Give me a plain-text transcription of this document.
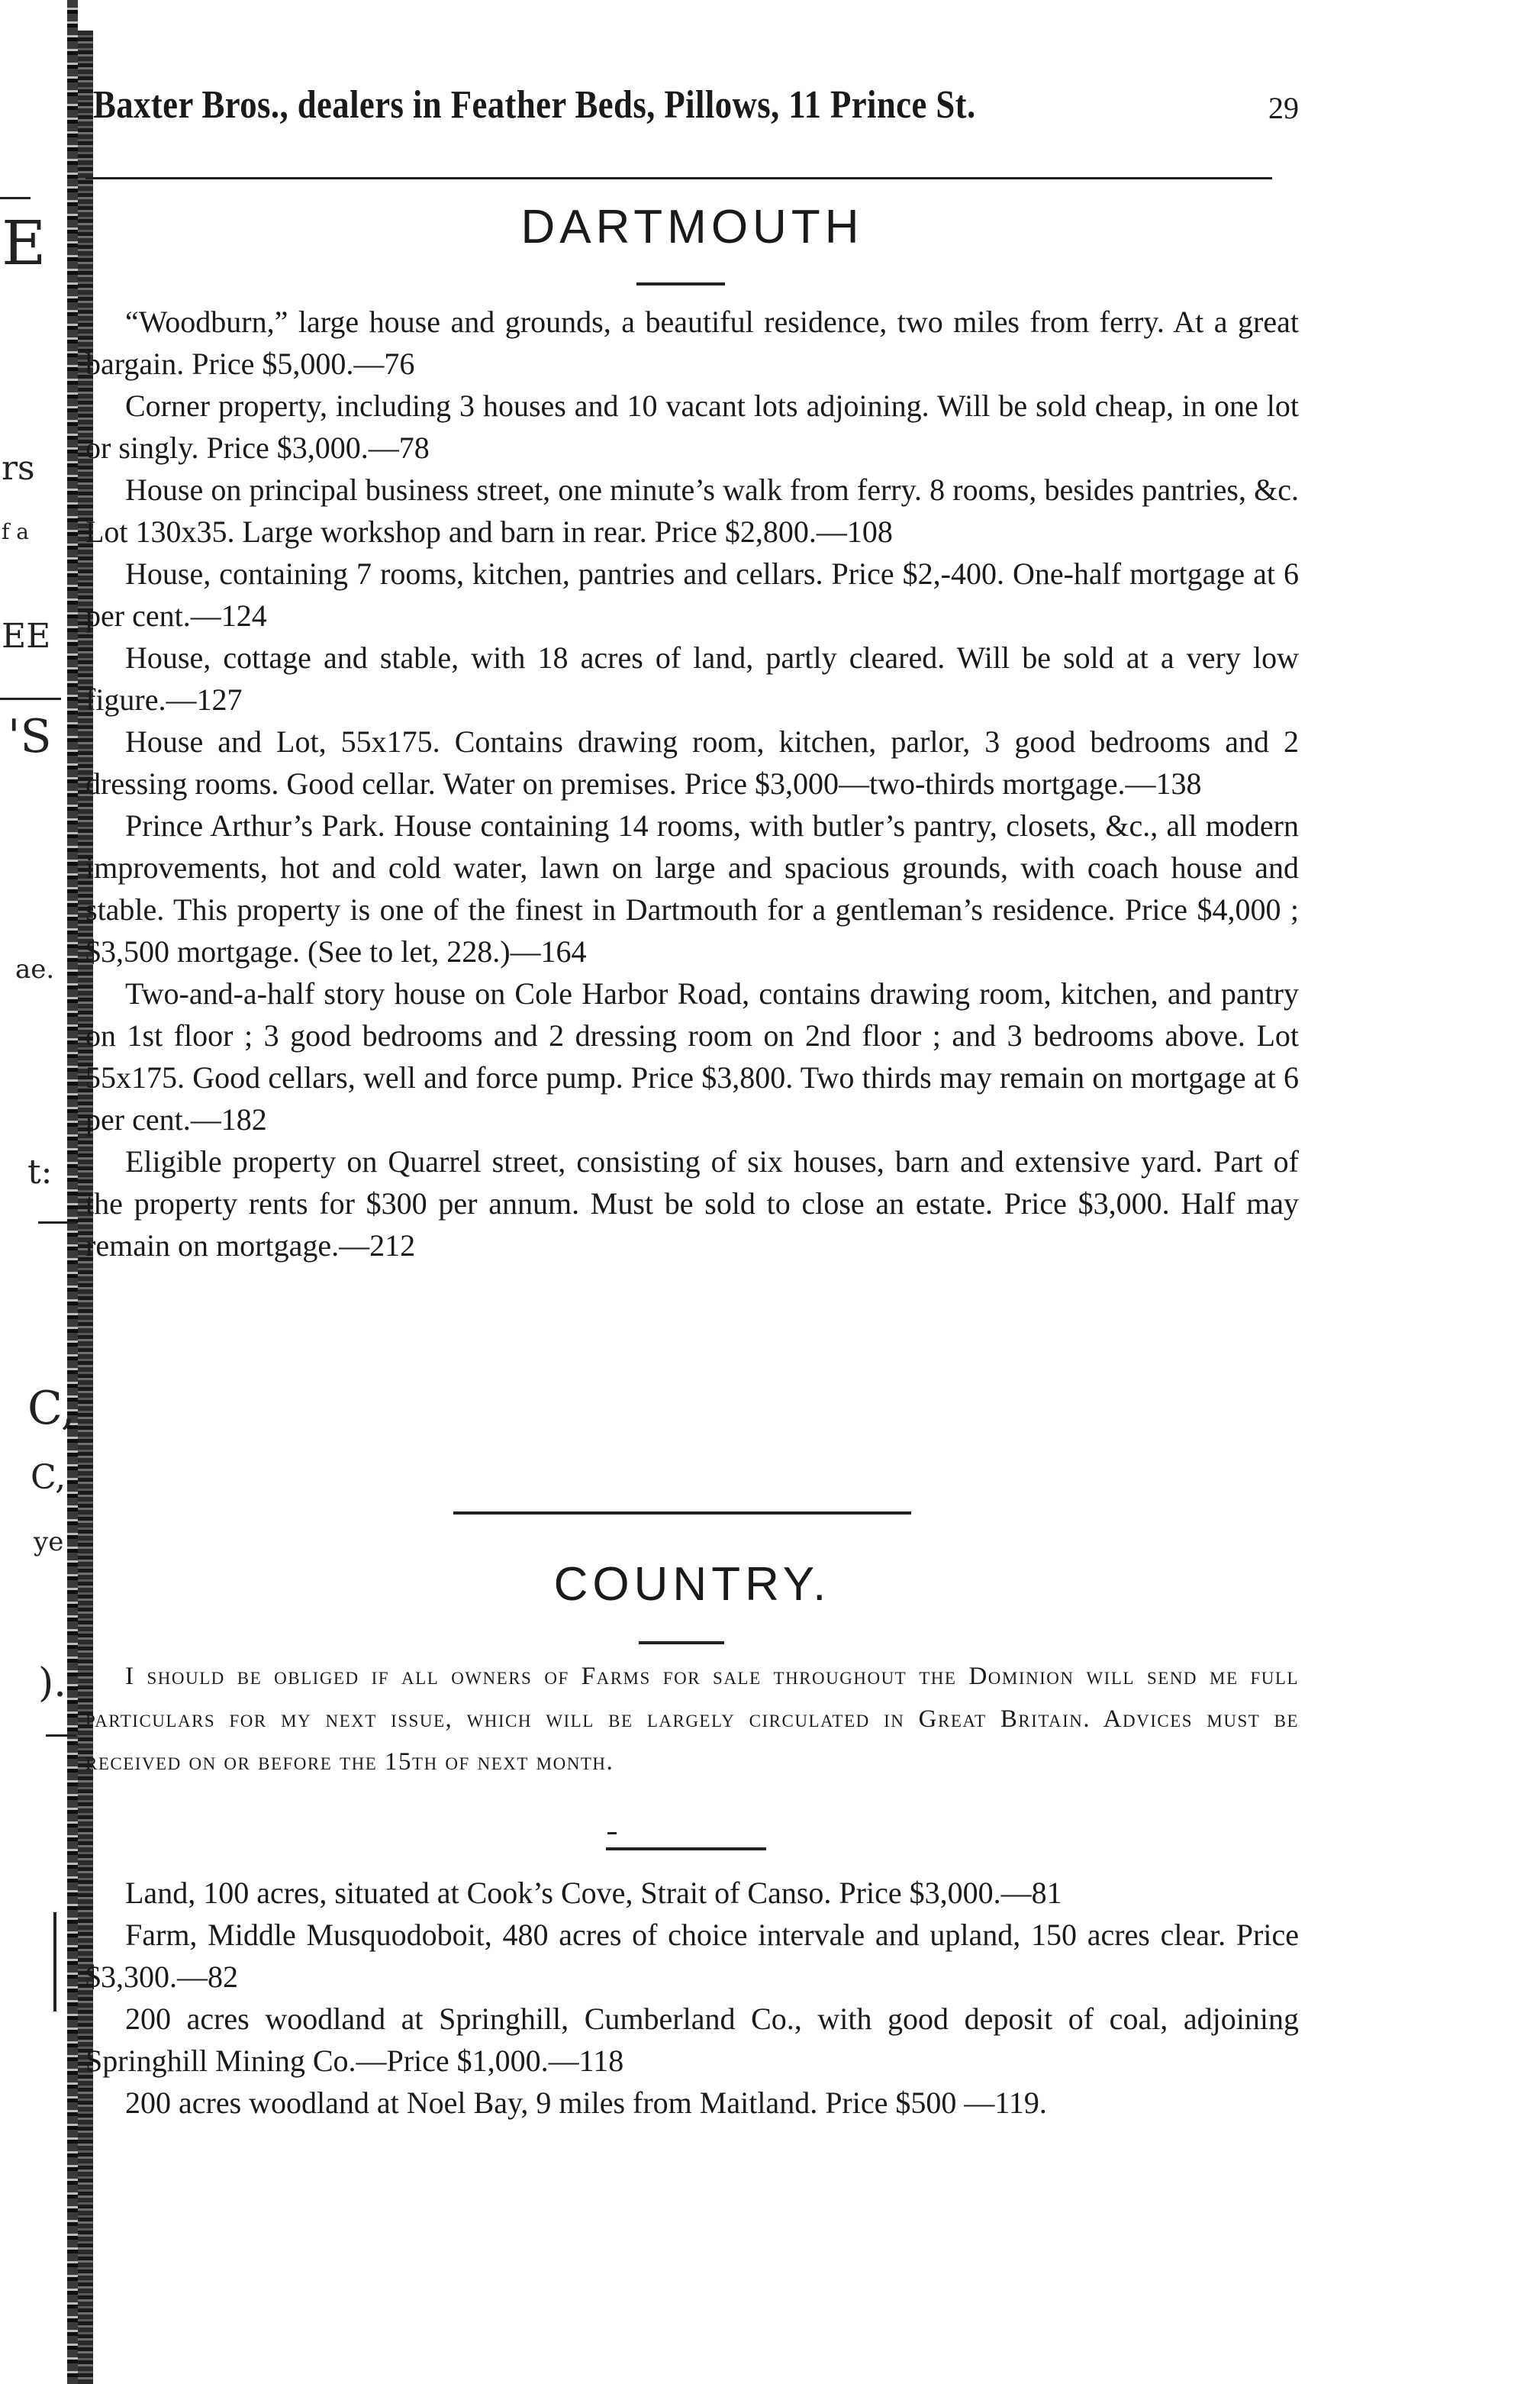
E
rs
f a
EE
'S
ae.
t:
C,
C,
ye
).
Baxter Bros., dealers in Feather Beds, Pillows, 11 Prince St.	29
DARTMOUTH

“Woodburn,” large house and grounds, a beautiful residence, two miles from ferry. At a great bargain. Price $5,000.—76

Corner property, including 3 houses and 10 vacant lots adjoining. Will be sold cheap, in one lot or singly. Price $3,000.—78

House on principal business street, one minute’s walk from ferry. 8 rooms, besides pantries, &c. Lot 130x35. Large workshop and barn in rear. Price $2,800.—108

House, containing 7 rooms, kitchen, pantries and cellars. Price $2,-400. One-half mortgage at 6 per cent.—124

House, cottage and stable, with 18 acres of land, partly cleared. Will be sold at a very low figure.—127

House and Lot, 55x175. Contains drawing room, kitchen, parlor, 3 good bedrooms and 2 dressing rooms. Good cellar. Water on premises. Price $3,000—two-thirds mortgage.—138

Prince Arthur’s Park. House containing 14 rooms, with butler’s pantry, closets, &c., all modern improvements, hot and cold water, lawn on large and spacious grounds, with coach house and stable. This property is one of the finest in Dartmouth for a gentleman’s residence. Price $4,000 ; $3,500 mortgage. (See to let, 228.)—164

Two-and-a-half story house on Cole Harbor Road, contains drawing room, kitchen, and pantry on 1st floor ; 3 good bedrooms and 2 dressing room on 2nd floor ; and 3 bedrooms above. Lot 55x175. Good cellars, well and force pump. Price $3,800. Two thirds may remain on mortgage at 6 per cent.—182

Eligible property on Quarrel street, consisting of six houses, barn and extensive yard. Part of the property rents for $300 per annum. Must be sold to close an estate. Price $3,000. Half may remain on mortgage.—212

COUNTRY.

I should be obliged if all owners of Farms for sale throughout the Dominion will send me full particulars for my next issue, which will be largely circulated in Great Britain. Advices must be received on or before the 15th of next month.

Land, 100 acres, situated at Cook’s Cove, Strait of Canso. Price $3,000.—81

Farm, Middle Musquodoboit, 480 acres of choice intervale and upland, 150 acres clear. Price $3,300.—82

200 acres woodland at Springhill, Cumberland Co., with good deposit of coal, adjoining Springhill Mining Co.—Price $1,000.—118

200 acres woodland at Noel Bay, 9 miles from Maitland. Price $500 —119.
